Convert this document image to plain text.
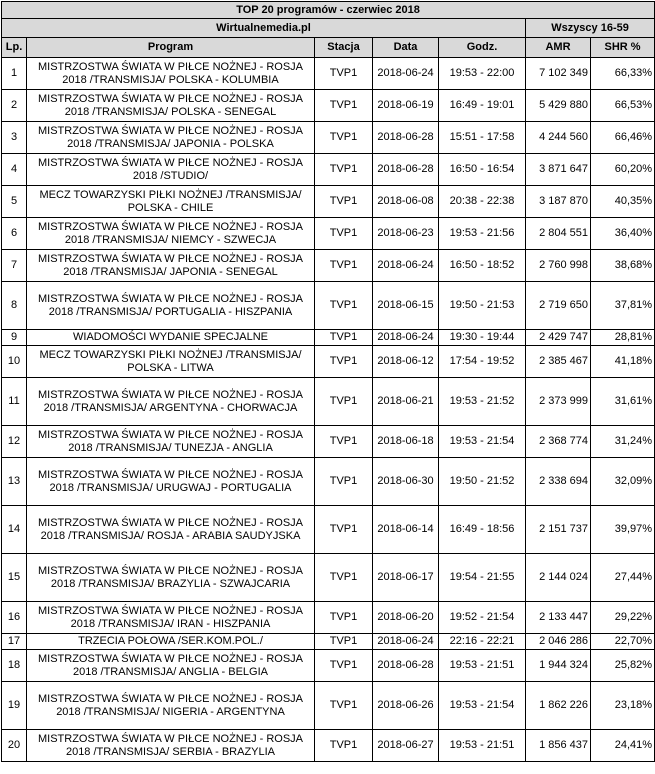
TOP 20 programów - czerwiec 2018						
Wirtualnemedia.pl					Wszyscy 16-59	
Lp.	Program	Stacja	Data	Godz.	AMR	SHR %
1	MISTRZOSTWA ŚWIATA W PIŁCE NOŻNEJ - ROSJA 2018 /TRANSMISJA/ POLSKA - KOLUMBIA	TVP1	2018-06-24	19:53 - 22:00	7 102 349	66,33%
2	MISTRZOSTWA ŚWIATA W PIŁCE NOŻNEJ - ROSJA 2018 /TRANSMISJA/ POLSKA - SENEGAL	TVP1	2018-06-19	16:49 - 19:01	5 429 880	66,53%
3	MISTRZOSTWA ŚWIATA W PIŁCE NOŻNEJ - ROSJA 2018 /TRANSMISJA/ JAPONIA - POLSKA	TVP1	2018-06-28	15:51 - 17:58	4 244 560	66,46%
4	MISTRZOSTWA ŚWIATA W PIŁCE NOŻNEJ - ROSJA 2018 /STUDIO/	TVP1	2018-06-28	16:50 - 16:54	3 871 647	60,20%
5	MECZ TOWARZYSKI PIŁKI NOŻNEJ /TRANSMISJA/ POLSKA - CHILE	TVP1	2018-06-08	20:38 - 22:38	3 187 870	40,35%
6	MISTRZOSTWA ŚWIATA W PIŁCE NOŻNEJ - ROSJA 2018 /TRANSMISJA/ NIEMCY - SZWECJA	TVP1	2018-06-23	19:53 - 21:56	2 804 551	36,40%
7	MISTRZOSTWA ŚWIATA W PIŁCE NOŻNEJ - ROSJA 2018 /TRANSMISJA/ JAPONIA - SENEGAL	TVP1	2018-06-24	16:50 - 18:52	2 760 998	38,68%
8	MISTRZOSTWA ŚWIATA W PIŁCE NOŻNEJ - ROSJA 2018 /TRANSMISJA/ PORTUGALIA - HISZPANIA	TVP1	2018-06-15	19:50 - 21:53	2 719 650	37,81%
9	WIADOMOŚCI WYDANIE SPECJALNE	TVP1	2018-06-24	19:30 - 19:44	2 429 747	28,81%
10	MECZ TOWARZYSKI PIŁKI NOŻNEJ /TRANSMISJA/ POLSKA - LITWA	TVP1	2018-06-12	17:54 - 19:52	2 385 467	41,18%
11	MISTRZOSTWA ŚWIATA W PIŁCE NOŻNEJ - ROSJA 2018 /TRANSMISJA/ ARGENTYNA - CHORWACJA	TVP1	2018-06-21	19:53 - 21:52	2 373 999	31,61%
12	MISTRZOSTWA ŚWIATA W PIŁCE NOŻNEJ - ROSJA 2018 /TRANSMISJA/ TUNEZJA - ANGLIA	TVP1	2018-06-18	19:53 - 21:54	2 368 774	31,24%
13	MISTRZOSTWA ŚWIATA W PIŁCE NOŻNEJ - ROSJA 2018 /TRANSMISJA/ URUGWAJ - PORTUGALIA	TVP1	2018-06-30	19:50 - 21:52	2 338 694	32,09%
14	MISTRZOSTWA ŚWIATA W PIŁCE NOŻNEJ - ROSJA 2018 /TRANSMISJA/ ROSJA - ARABIA SAUDYJSKA	TVP1	2018-06-14	16:49 - 18:56	2 151 737	39,97%
15	MISTRZOSTWA ŚWIATA W PIŁCE NOŻNEJ - ROSJA 2018 /TRANSMISJA/ BRAZYLIA - SZWAJCARIA	TVP1	2018-06-17	19:54 - 21:55	2 144 024	27,44%
16	MISTRZOSTWA ŚWIATA W PIŁCE NOŻNEJ - ROSJA 2018 /TRANSMISJA/ IRAN - HISZPANIA	TVP1	2018-06-20	19:52 - 21:54	2 133 447	29,22%
17	TRZECIA POŁOWA /SER.KOM.POL./	TVP1	2018-06-24	22:16 - 22:21	2 046 286	22,70%
18	MISTRZOSTWA ŚWIATA W PIŁCE NOŻNEJ - ROSJA 2018 /TRANSMISJA/ ANGLIA - BELGIA	TVP1	2018-06-28	19:53 - 21:51	1 944 324	25,82%
19	MISTRZOSTWA ŚWIATA W PIŁCE NOŻNEJ - ROSJA 2018 /TRANSMISJA/ NIGERIA - ARGENTYNA	TVP1	2018-06-26	19:53 - 21:54	1 862 226	23,18%
20	MISTRZOSTWA ŚWIATA W PIŁCE NOŻNEJ - ROSJA 2018 /TRANSMISJA/ SERBIA - BRAZYLIA	TVP1	2018-06-27	19:53 - 21:51	1 856 437	24,41%
